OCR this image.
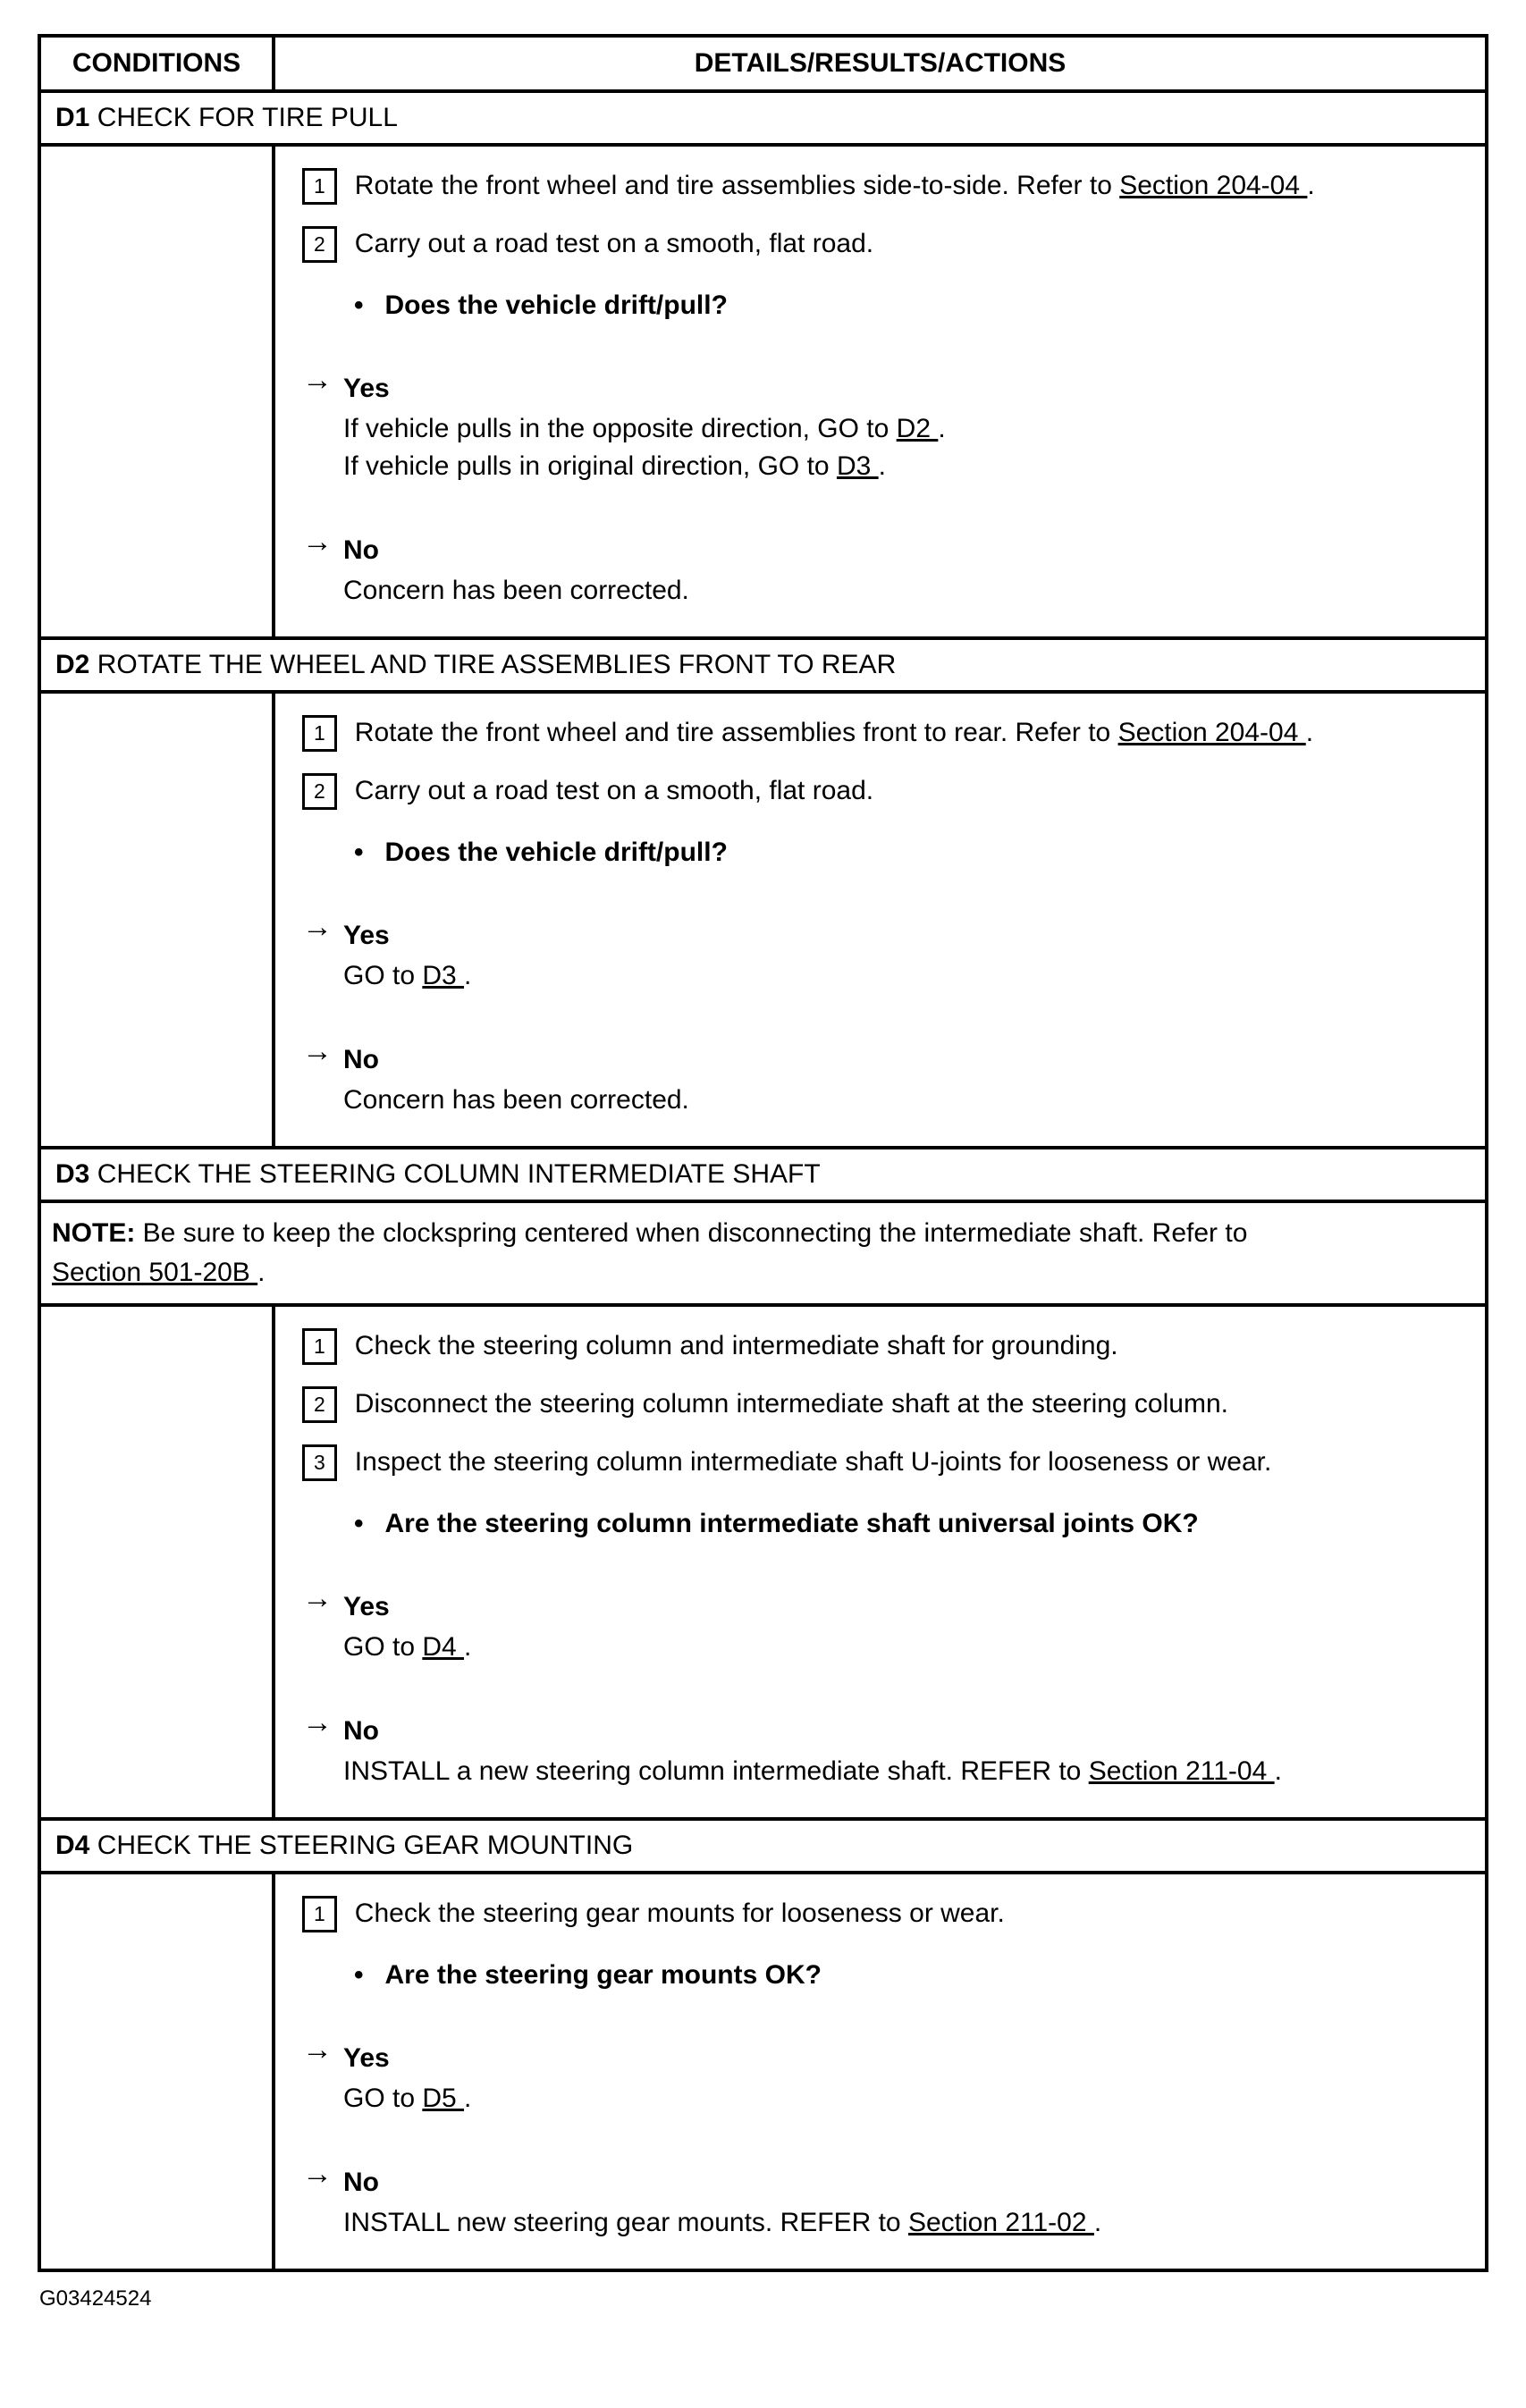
CONDITIONS	DETAILS/RESULTS/ACTIONS
D1 CHECK FOR TIRE PULL	

1	Rotate the front wheel and tire assemblies side-to-side. Refer to Section 204-04 .
2	Carry out a road test on a smooth, flat road.
• Does the vehicle drift/pull?
→ Yes
If vehicle pulls in the opposite direction, GO to D2 .
If vehicle pulls in original direction, GO to D3 .
→ No
Concern has been corrected.

D2 ROTATE THE WHEEL AND TIRE ASSEMBLIES FRONT TO REAR	

1	Rotate the front wheel and tire assemblies front to rear. Refer to Section 204-04 .
2	Carry out a road test on a smooth, flat road.
• Does the vehicle drift/pull?
→ Yes
GO to D3 .
→ No
Concern has been corrected.

D3 CHECK THE STEERING COLUMN INTERMEDIATE SHAFT	
NOTE: Be sure to keep the clockspring centered when disconnecting the intermediate shaft. Refer to
Section 501-20B .	

1	Check the steering column and intermediate shaft for grounding.
2	Disconnect the steering column intermediate shaft at the steering column.
3	Inspect the steering column intermediate shaft U-joints for looseness or wear.
• Are the steering column intermediate shaft universal joints OK?
→ Yes
GO to D4 .
→ No
INSTALL a new steering column intermediate shaft. REFER to Section 211-04 .

D4 CHECK THE STEERING GEAR MOUNTING	

1	Check the steering gear mounts for looseness or wear.
• Are the steering gear mounts OK?
→ Yes
GO to D5 .
→ No
INSTALL new steering gear mounts. REFER to Section 211-02 .
G03424524
